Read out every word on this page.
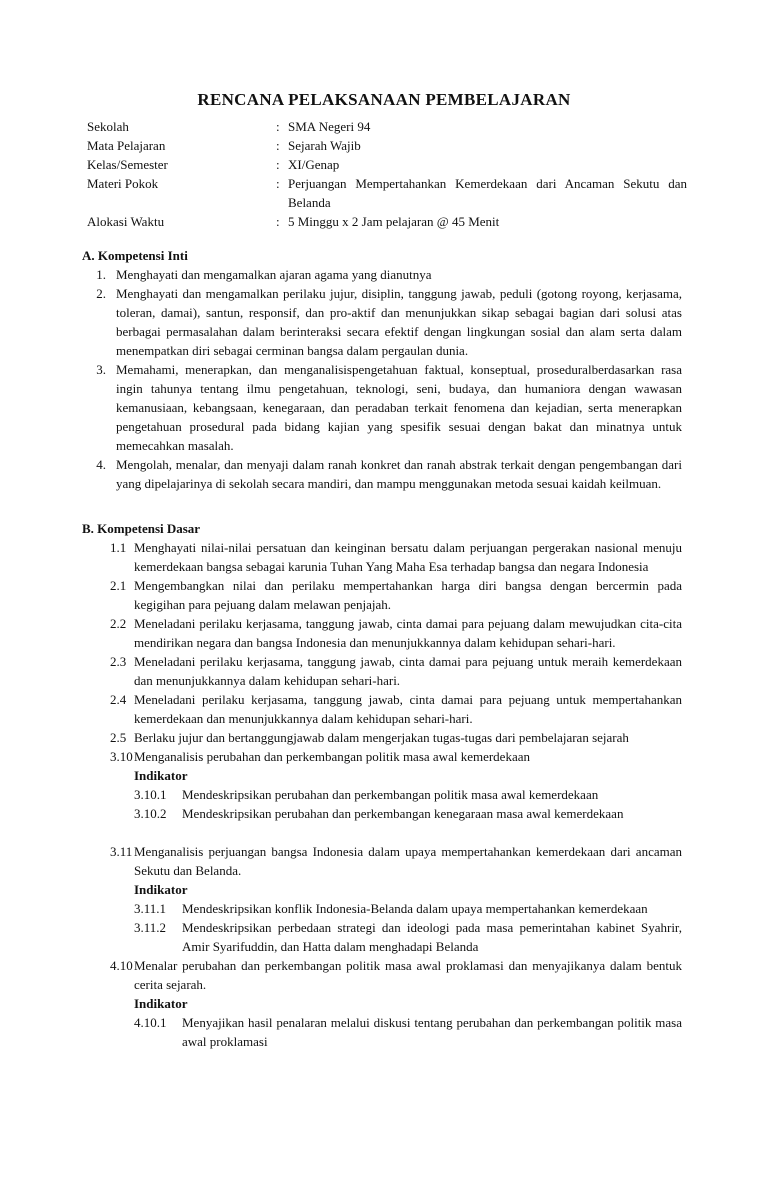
RENCANA PELAKSANAAN PEMBELAJARAN
Sekolah	: SMA Negeri 94
Mata Pelajaran	: Sejarah Wajib
Kelas/Semester	: XI/Genap
Materi Pokok	: Perjuangan Mempertahankan Kemerdekaan dari Ancaman Sekutu dan Belanda
Alokasi Waktu	: 5 Minggu x 2 Jam pelajaran @ 45 Menit
A. Kompetensi Inti
1. Menghayati dan mengamalkan ajaran agama yang dianutnya
2. Menghayati dan mengamalkan perilaku jujur, disiplin, tanggung jawab, peduli (gotong royong, kerjasama, toleran, damai), santun, responsif, dan pro-aktif dan menunjukkan sikap sebagai bagian dari solusi atas berbagai permasalahan dalam berinteraksi secara efektif dengan lingkungan sosial dan alam serta dalam menempatkan diri sebagai cerminan bangsa dalam pergaulan dunia.
3. Memahami, menerapkan, dan menganalisispengetahuan faktual, konseptual, proseduralberdasarkan rasa ingin tahunya tentang ilmu pengetahuan, teknologi, seni, budaya, dan humaniora dengan wawasan kemanusiaan, kebangsaan, kenegaraan, dan peradaban terkait fenomena dan kejadian, serta menerapkan pengetahuan prosedural pada bidang kajian yang spesifik sesuai dengan bakat dan minatnya untuk memecahkan masalah.
4. Mengolah, menalar, dan menyaji dalam ranah konkret dan ranah abstrak terkait dengan pengembangan dari yang dipelajarinya di sekolah secara mandiri, dan mampu menggunakan metoda sesuai kaidah keilmuan.
B. Kompetensi Dasar
1.1 Menghayati nilai-nilai persatuan dan keinginan bersatu dalam perjuangan pergerakan nasional menuju kemerdekaan bangsa sebagai karunia Tuhan Yang Maha Esa terhadap bangsa dan negara Indonesia
2.1 Mengembangkan nilai dan perilaku mempertahankan harga diri bangsa dengan bercermin pada kegigihan para pejuang dalam melawan penjajah.
2.2 Meneladani perilaku kerjasama, tanggung jawab, cinta damai para pejuang dalam mewujudkan cita-cita mendirikan negara dan bangsa Indonesia dan menunjukkannya dalam kehidupan sehari-hari.
2.3 Meneladani perilaku kerjasama, tanggung jawab, cinta damai para pejuang untuk meraih kemerdekaan dan menunjukkannya dalam kehidupan sehari-hari.
2.4 Meneladani perilaku kerjasama, tanggung jawab, cinta damai para pejuang untuk mempertahankan kemerdekaan dan menunjukkannya dalam kehidupan sehari-hari.
2.5 Berlaku jujur dan bertanggungjawab dalam mengerjakan tugas-tugas dari pembelajaran sejarah
3.10 Menganalisis perubahan dan perkembangan politik masa awal kemerdekaan
Indikator
3.10.1 Mendeskripsikan perubahan dan perkembangan politik masa awal kemerdekaan
3.10.2 Mendeskripsikan perubahan dan perkembangan kenegaraan masa awal kemerdekaan
3.11 Menganalisis perjuangan bangsa Indonesia dalam upaya mempertahankan kemerdekaan dari ancaman Sekutu dan Belanda.
Indikator
3.11.1 Mendeskripsikan konflik Indonesia-Belanda dalam upaya mempertahankan kemerdekaan
3.11.2 Mendeskripsikan perbedaan strategi dan ideologi pada masa pemerintahan kabinet Syahrir, Amir Syarifuddin, dan Hatta dalam menghadapi Belanda
4.10 Menalar perubahan dan perkembangan politik masa awal proklamasi dan menyajikanya dalam bentuk cerita sejarah.
Indikator
4.10.1 Menyajikan hasil penalaran melalui diskusi tentang perubahan dan perkembangan politik masa awal proklamasi
